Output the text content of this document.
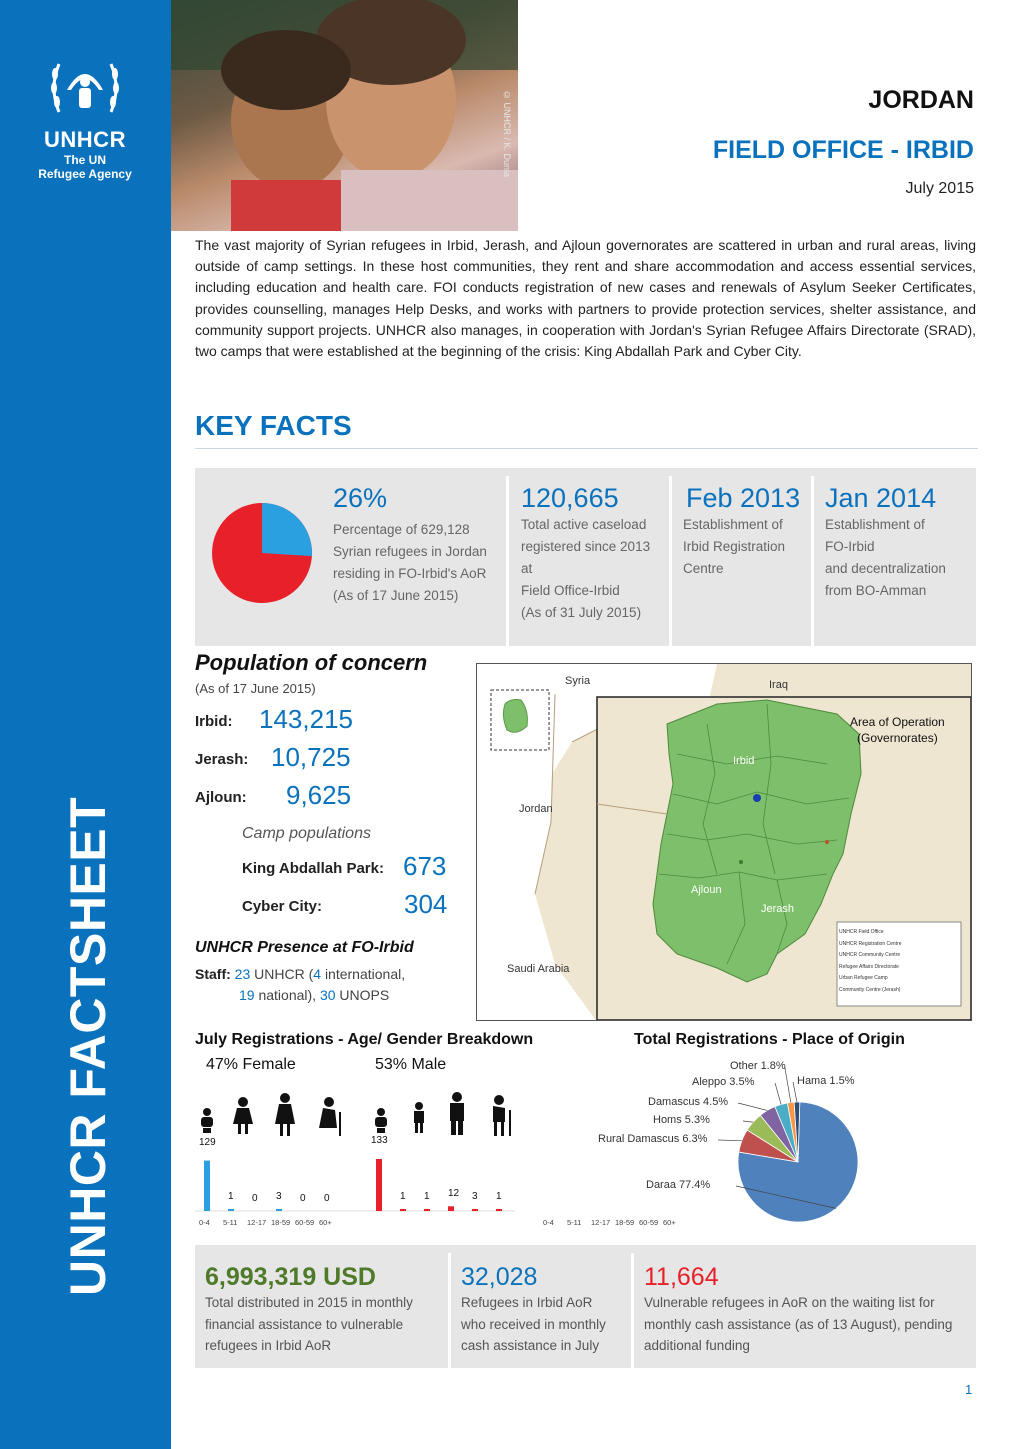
UNHCR
The UN
Refugee Agency
UNHCR FACTSHEET
© UNHCR / K. Dunia	JORDAN
FIELD OFFICE - IRBID
July 2015

The vast majority of Syrian refugees in Irbid, Jerash, and Ajloun governorates are scattered in urban and rural areas, living outside of camp settings. In these host communities, they rent and share accommodation and access essential services, including education and health care. FOI conducts registration of new cases and renewals of Asylum Seeker Certificates, provides counselling, manages Help Desks, and works with partners to provide protection services, shelter assistance, and community support projects. UNHCR also manages, in cooperation with Jordan's Syrian Refugee Affairs Directorate (SRAD), two camps that were established at the beginning of the crisis: King Abdallah Park and Cyber City.

KEY FACTS
26%
Percentage of 629,128
Syrian refugees in Jordan
residing in FO-Irbid's AoR
(As of 17 June 2015)
120,665
Total active caseload
registered since 2013
at
Field Office-Irbid
(As of 31 July 2015)
Feb 2013
Establishment of
Irbid Registration
Centre
Jan 2014
Establishment of
FO-Irbid
and decentralization
from BO-Amman
Population of concern
(As of 17 June 2015)
Irbid: 143,215
Jerash: 10,725
Ajloun: 9,625
Camp populations
King Abdallah Park: 673
Cyber City:	304
UNHCR Presence at FO-Irbid
Staff: 23 UNHCR (4 international,
19 national), 30 UNOPS
Syria	Iraq
Jordan
Saudi Arabia
Irbid
Ajloun
Jerash
UNHCR Field Office
UNHCR Registration Centre
UNHCR Community Centre
Refugee Affairs Directorate
Urban Refugee Camp
Community Centre (Jerash)
Area of Operation
(Governorates)
July Registrations - Age/ Gender Breakdown
47% Female	53% Male
129
1 0 3 0 0
133
1 1 12 3 1
0-4 5-11 12-17 18-59 60-59 60+	0-4 5-11 12-17 18-59 60-59 60+
Total Registrations - Place of Origin
Daraa 77.4%
Rural Damascus 6.3%
Homs 5.3%
Damascus 4.5%
Aleppo 3.5%
Other 1.8%
Hama 1.5%
6,993,319 USD
Total distributed in 2015 in monthly
financial assistance to vulnerable
refugees in Irbid AoR
32,028
Refugees in Irbid AoR
who received in monthly
cash assistance in July
11,664
Vulnerable refugees in AoR on the waiting list for
monthly cash assistance (as of 13 August), pending
additional funding
1
